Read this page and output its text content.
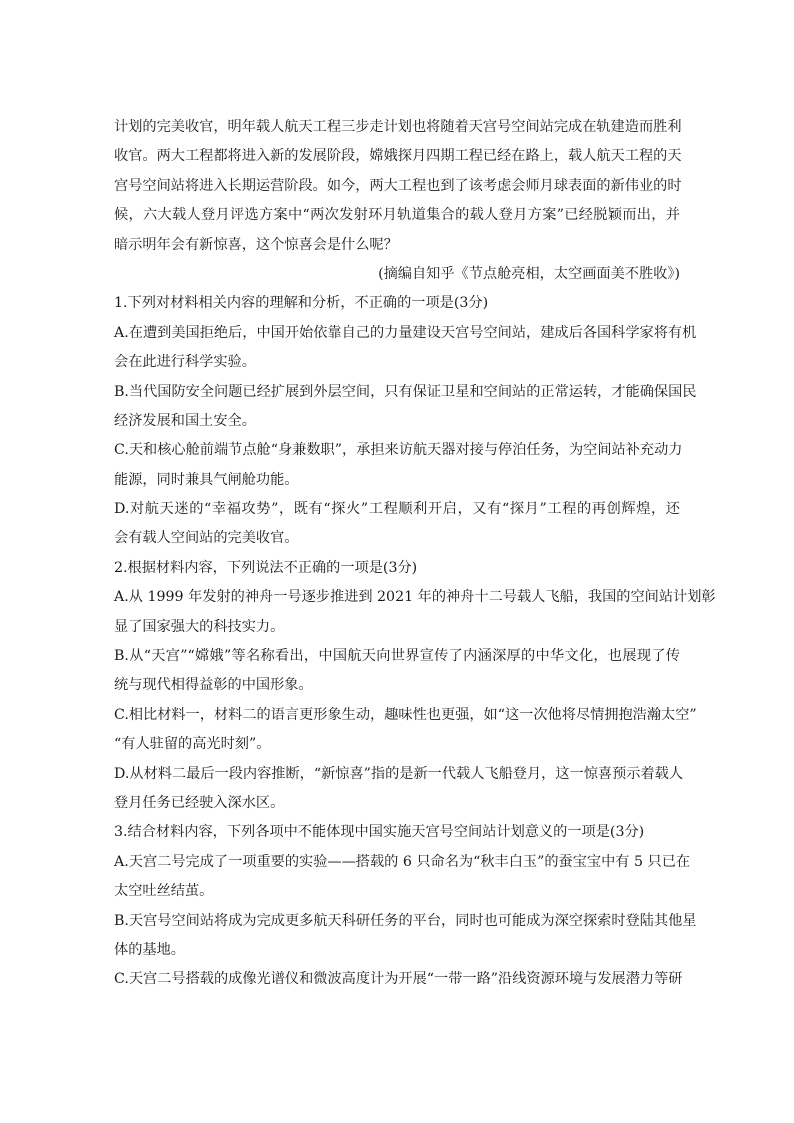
计划的完美收官，明年载人航天工程三步走计划也将随着天宫号空间站完成在轨建造而胜利
收官。两大工程都将进入新的发展阶段，嫦娥探月四期工程已经在路上，载人航天工程的天
宫号空间站将进入长期运营阶段。如今，两大工程也到了该考虑会师月球表面的新伟业的时
候，六大载人登月评选方案中“两次发射环月轨道集合的载人登月方案”已经脱颖而出，并
暗示明年会有新惊喜，这个惊喜会是什么呢？
(摘编自知乎《节点舱亮相，太空画面美不胜收》)
1.下列对材料相关内容的理解和分析，不正确的一项是(3分)
A.在遭到美国拒绝后，中国开始依靠自己的力量建设天宫号空间站，建成后各国科学家将有机
会在此进行科学实验。
B.当代国防安全问题已经扩展到外层空间，只有保证卫星和空间站的正常运转，才能确保国民
经济发展和国土安全。
C.天和核心舱前端节点舱“身兼数职”，承担来访航天器对接与停泊任务，为空间站补充动力
能源，同时兼具气闸舱功能。
D.对航天迷的“幸福攻势”，既有“探火”工程顺利开启，又有“探月”工程的再创辉煌，还
会有载人空间站的完美收官。
2.根据材料内容，下列说法不正确的一项是(3分)
A.从 1999 年发射的神舟一号逐步推进到 2021 年的神舟十二号载人飞船，我国的空间站计划彰
显了国家强大的科技实力。
B.从“天宫”“嫦娥”等名称看出，中国航天向世界宣传了内涵深厚的中华文化，也展现了传
统与现代相得益彰的中国形象。
C.相比材料一，材料二的语言更形象生动，趣味性也更强，如“这一次他将尽情拥抱浩瀚太空”
“有人驻留的高光时刻”。
D.从材料二最后一段内容推断，“新惊喜”指的是新一代载人飞船登月，这一惊喜预示着载人
登月任务已经驶入深水区。
3.结合材料内容，下列各项中不能体现中国实施天宫号空间站计划意义的一项是(3分)
A.天宫二号完成了一项重要的实验——搭载的 6 只命名为“秋丰白玉”的蚕宝宝中有 5 只已在
太空吐丝结茧。
B.天宫号空间站将成为完成更多航天科研任务的平台，同时也可能成为深空探索时登陆其他星
体的基地。
C.天宫二号搭载的成像光谱仪和微波高度计为开展“一带一路”沿线资源环境与发展潜力等研
